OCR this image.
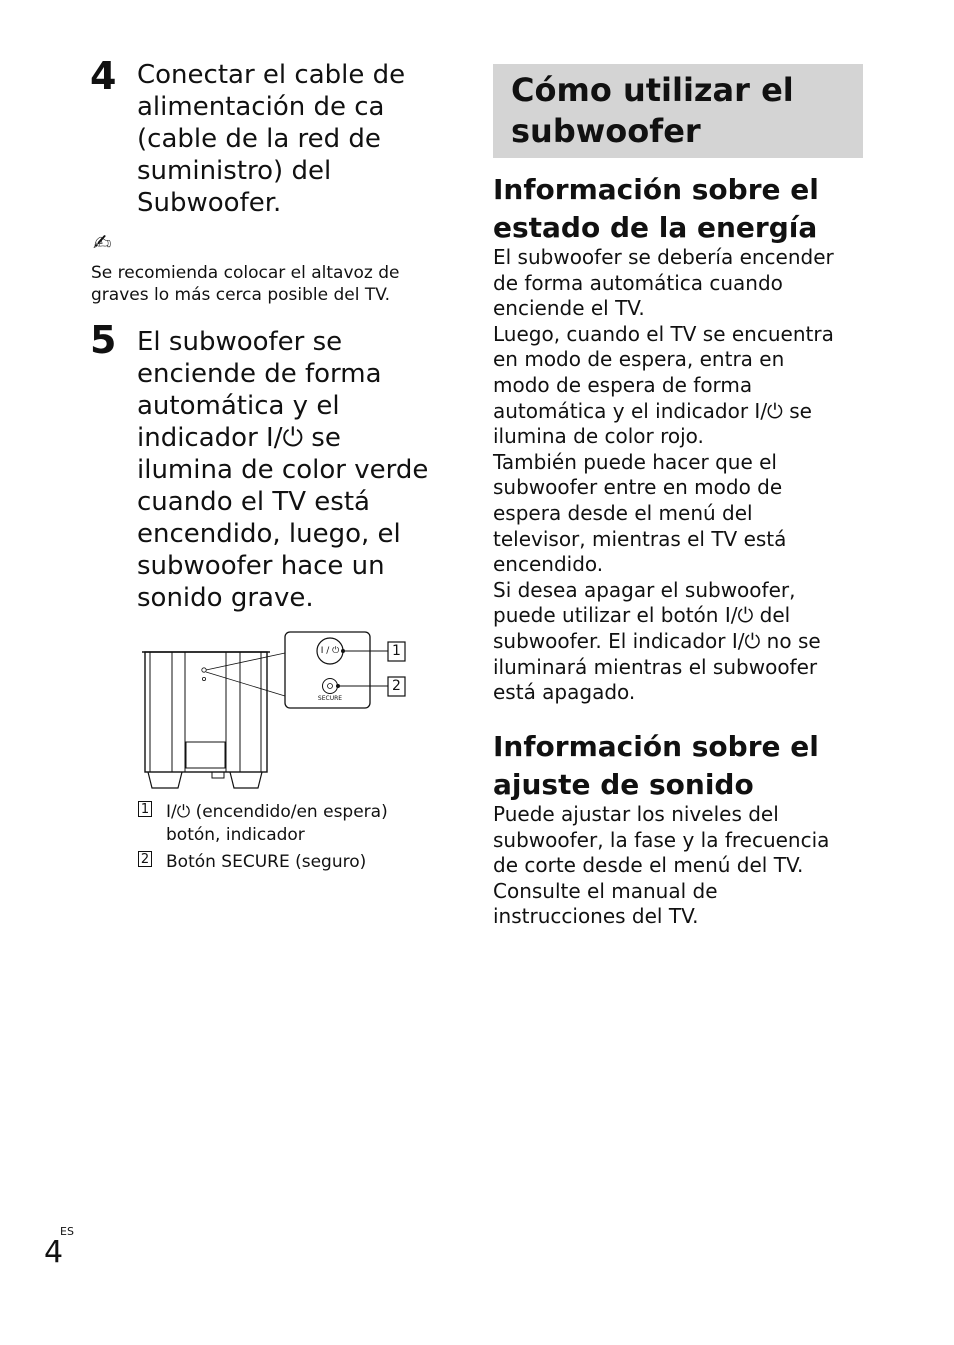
4 Conectar el cable de
alimentación de ca
(cable de la red de
suministro) del
Subwoofer.
✍
Se recomienda colocar el altavoz de
graves lo más cerca posible del TV.
5 El subwoofer se
enciende de forma
automática y el
indicador I/⏻ se
ilumina de color verde
cuando el TV está
encendido, luego, el
subwoofer hace un
sonido grave.
I / ⏻
SECURE
1
2
1 I/⏻ (encendido/en espera)
botón, indicador
2 Botón SECURE (seguro)
Cómo utilizar el
subwoofer
Información sobre el
estado de la energía
El subwoofer se debería encender
de forma automática cuando
enciende el TV.
Luego, cuando el TV se encuentra
en modo de espera, entra en
modo de espera de forma
automática y el indicador I/⏻ se
ilumina de color rojo.
También puede hacer que el
subwoofer entre en modo de
espera desde el menú del
televisor, mientras el TV está
encendido.
Si desea apagar el subwoofer,
puede utilizar el botón I/⏻ del
subwoofer. El indicador I/⏻ no se
iluminará mientras el subwoofer
está apagado.
Información sobre el
ajuste de sonido
Puede ajustar los niveles del
subwoofer, la fase y la frecuencia
de corte desde el menú del TV.
Consulte el manual de
instrucciones del TV.
ES
4
